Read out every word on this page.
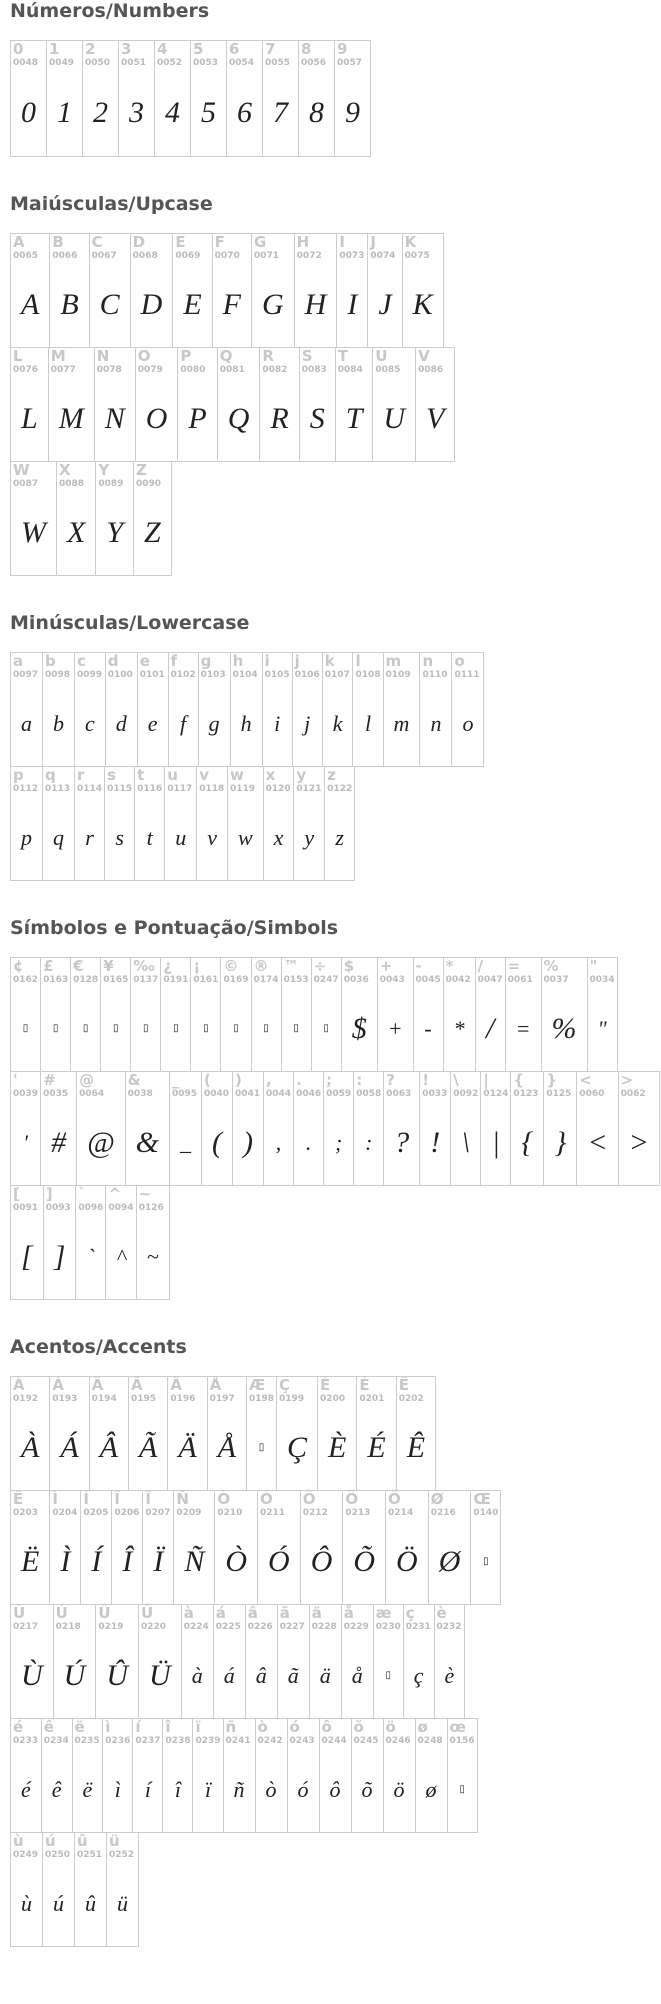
Números/Numbers
0
0048
0
1
0049
1
2
0050
2
3
0051
3
4
0052
4
5
0053
5
6
0054
6
7
0055
7
8
0056
8
9
0057
9
Maiúsculas/Upcase
A
0065
A
B
0066
B
C
0067
C
D
0068
D
E
0069
E
F
0070
F
G
0071
G
H
0072
H
I
0073
I
J
0074
J
K
0075
K
L
0076
L
M
0077
M
N
0078
N
O
0079
O
P
0080
P
Q
0081
Q
R
0082
R
S
0083
S
T
0084
T
U
0085
U
V
0086
V
W
0087
W
X
0088
X
Y
0089
Y
Z
0090
Z
Minúsculas/Lowercase
a
0097
a
b
0098
b
c
0099
c
d
0100
d
e
0101
e
f
0102
f
g
0103
g
h
0104
h
i
0105
i
j
0106
j
k
0107
k
l
0108
l
m
0109
m
n
0110
n
o
0111
o
p
0112
p
q
0113
q
r
0114
r
s
0115
s
t
0116
t
u
0117
u
v
0118
v
w
0119
w
x
0120
x
y
0121
y
z
0122
z
Símbolos e Pontuação/Simbols
¢
0162
▯
£
0163
▯
€
0128
▯
¥
0165
▯
‰
0137
▯
¿
0191
▯
¡
0161
▯
©
0169
▯
®
0174
▯
™
0153
▯
÷
0247
▯
$
0036
$
+
0043
+
-
0045
-
*
0042
*
/
0047
/
=
0061
=
%
0037
%
"
0034
"
'
0039
'
#
0035
#
@
0064
@
&
0038
&
_
0095
_
(
0040
(
)
0041
)
,
0044
,
.
0046
.
;
0059
;
:
0058
:
?
0063
?
!
0033
!
\
0092
\
|
0124
|
{
0123
{
}
0125
}
<
0060
<
>
0062
>
[
0091
[
]
0093
]
`
0096
`
^
0094
^
~
0126
~
Acentos/Accents
À
0192
À
Á
0193
Á
Â
0194
Â
Ã
0195
Ã
Ä
0196
Ä
Å
0197
Å
Æ
0198
▯
Ç
0199
Ç
È
0200
È
É
0201
É
Ê
0202
Ê
Ë
0203
Ë
Ì
0204
Ì
Í
0205
Í
Î
0206
Î
Ï
0207
Ï
Ñ
0209
Ñ
Ò
0210
Ò
Ó
0211
Ó
Ô
0212
Ô
Õ
0213
Õ
Ö
0214
Ö
Ø
0216
Ø
Œ
0140
▯
Ù
0217
Ù
Ú
0218
Ú
Û
0219
Û
Ü
0220
Ü
à
0224
à
á
0225
á
â
0226
â
ã
0227
ã
ä
0228
ä
å
0229
å
æ
0230
▯
ç
0231
ç
è
0232
è
é
0233
é
ê
0234
ê
ë
0235
ë
ì
0236
ì
í
0237
í
î
0238
î
ï
0239
ï
ñ
0241
ñ
ò
0242
ò
ó
0243
ó
ô
0244
ô
õ
0245
õ
ö
0246
ö
ø
0248
ø
œ
0156
▯
ù
0249
ù
ú
0250
ú
û
0251
û
ü
0252
ü
